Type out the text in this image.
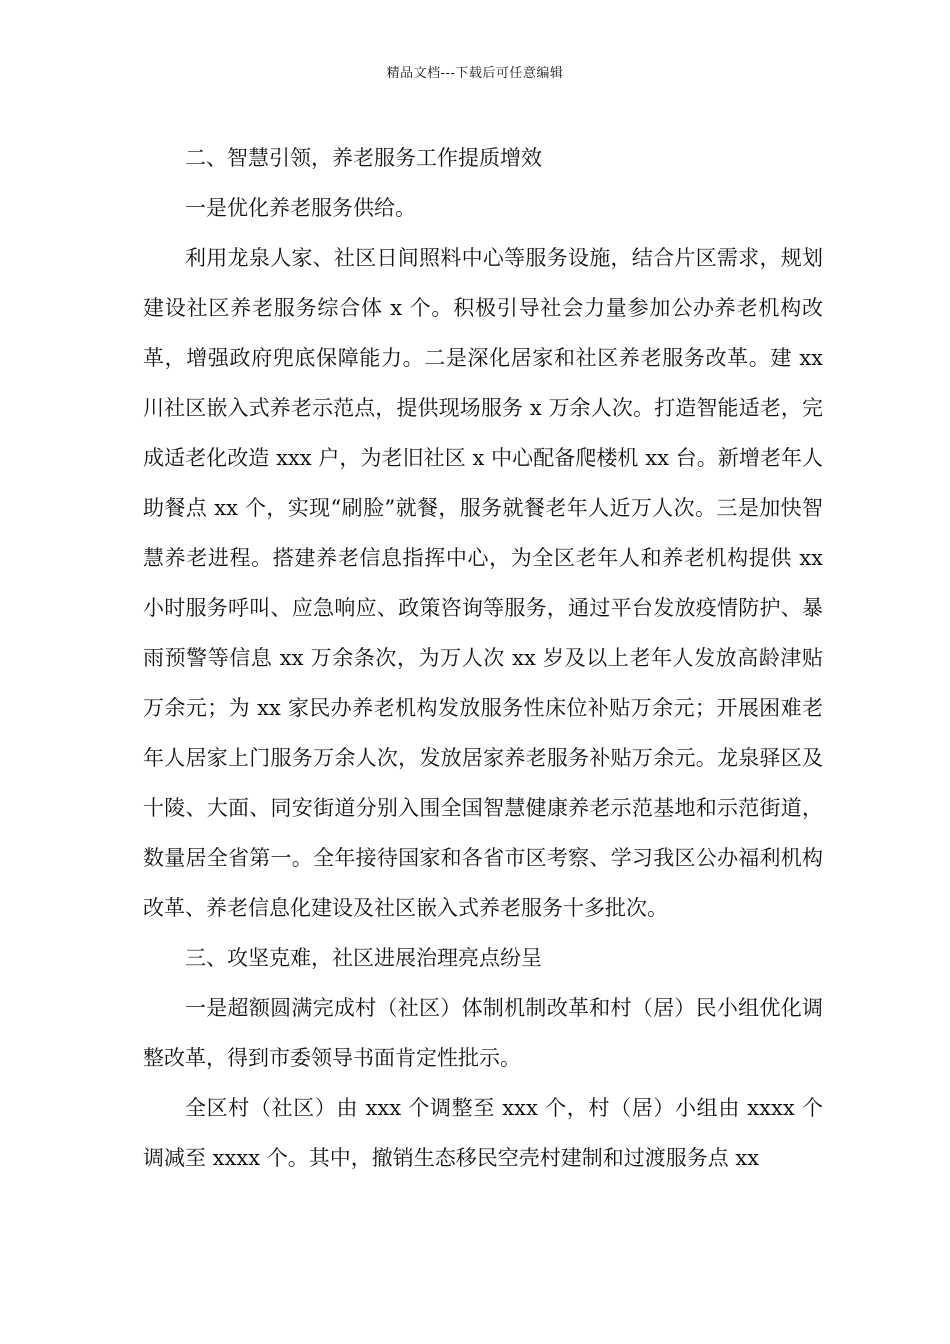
精品文档---下载后可任意编辑

二、智慧引领，养老服务工作提质增效

一是优化养老服务供给。

利用龙泉人家、社区日间照料中心等服务设施，结合片区需求，规划建设社区养老服务综合体 x 个。积极引导社会力量参加公办养老机构改革，增强政府兜底保障能力。二是深化居家和社区养老服务改革。建 xx 川社区嵌入式养老示范点，提供现场服务 x 万余人次。打造智能适老，完成适老化改造 xxx 户，为老旧社区 x 中心配备爬楼机 xx 台。新增老年人助餐点 xx 个，实现“刷脸”就餐，服务就餐老年人近万人次。三是加快智慧养老进程。搭建养老信息指挥中心，为全区老年人和养老机构提供 xx 小时服务呼叫、应急响应、政策咨询等服务，通过平台发放疫情防护、暴雨预警等信息 xx 万余条次，为万人次 xx 岁及以上老年人发放高龄津贴万余元；为 xx 家民办养老机构发放服务性床位补贴万余元；开展困难老年人居家上门服务万余人次，发放居家养老服务补贴万余元。龙泉驿区及十陵、大面、同安街道分别入围全国智慧健康养老示范基地和示范街道，数量居全省第一。全年接待国家和各省市区考察、学习我区公办福利机构改革、养老信息化建设及社区嵌入式养老服务十多批次。

三、攻坚克难，社区进展治理亮点纷呈

一是超额圆满完成村（社区）体制机制改革和村（居）民小组优化调整改革，得到市委领导书面肯定性批示。

全区村（社区）由 xxx 个调整至 xxx 个，村（居）小组由 xxxx 个调减至 xxxx 个。其中，撤销生态移民空壳村建制和过渡服务点 xx
